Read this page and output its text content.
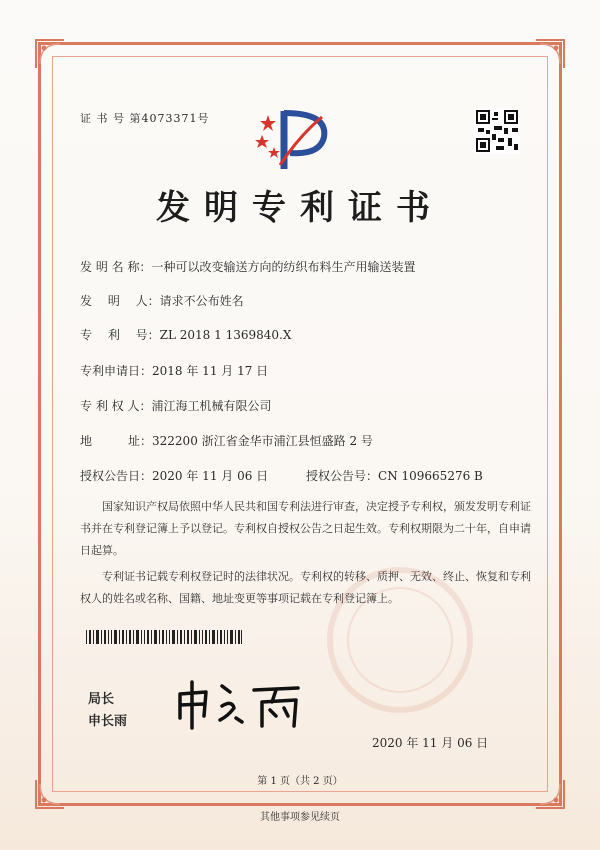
证 书 号 第4073371号
发明专利证书
发 明 名 称：一种可以改变输送方向的纺织布料生产用输送装置
发　 明 　人：请求不公布姓名
专　 利 　号：ZL 2018 1 1369840.X
专利申请日：2018 年 11 月 17 日
专 利 权 人：浦江海工机械有限公司
地　　　址：322200 浙江省金华市浦江县恒盛路 2 号
授权公告日：2020 年 11 月 06 日	授权公告号：CN 109665276 B
国家知识产权局依照中华人民共和国专利法进行审查，决定授予专利权，颁发发明专利证书并在专利登记簿上予以登记。专利权自授权公告之日起生效。专利权期限为二十年，自申请日起算。
专利证书记载专利权登记时的法律状况。专利权的转移、质押、无效、终止、恢复和专利权人的姓名或名称、国籍、地址变更等事项记载在专利登记簿上。
局长
申长雨
2020 年 11 月 06 日
第 1 页（共 2 页）
其他事项参见续页
